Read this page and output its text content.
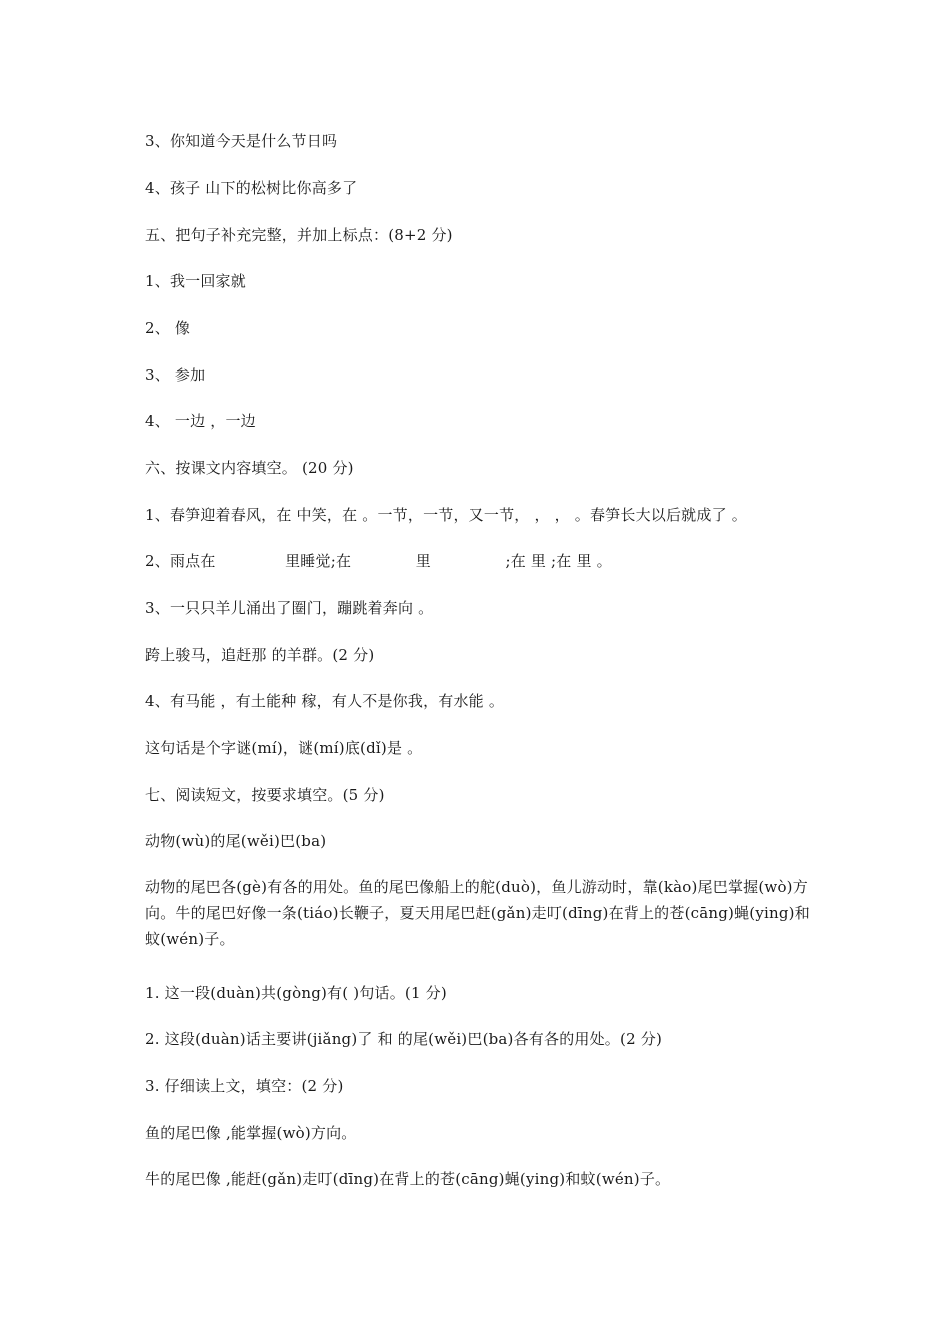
3、你知道今天是什么节日吗
4、孩子 山下的松树比你高多了
五、把句子补充完整，并加上标点：(8+2 分)
1、我一回家就
2、 像
3、 参加
4、 一边 ，一边
六、按课文内容填空。 (20 分)
1、春笋迎着春风，在 中笑，在 。一节，一节，又一节， ， ， 。春笋长大以后就成了 。
2、雨点在              里睡觉;在             里               ;在 里 ;在 里 。
3、一只只羊儿涌出了圈门，蹦跳着奔向 。
跨上骏马，追赶那 的羊群。(2 分)
4、有马能 ，有土能种 稼，有人不是你我，有水能 。
这句话是个字谜(mí)，谜(mí)底(dǐ)是 。
七、阅读短文，按要求填空。(5 分)
动物(wù)的尾(wěi)巴(ba)
动物的尾巴各(gè)有各的用处。鱼的尾巴像船上的舵(duò)，鱼儿游动时，靠(kào)尾巴掌握(wò)方向。牛的尾巴好像一条(tiáo)长鞭子，夏天用尾巴赶(gǎn)走叮(dīng)在背上的苍(cāng)蝇(ying)和蚊(wén)子。
1. 这一段(duàn)共(gòng)有( )句话。(1 分)
2. 这段(duàn)话主要讲(jiǎng)了 和 的尾(wěi)巴(ba)各有各的用处。(2 分)
3. 仔细读上文，填空：(2 分)
鱼的尾巴像 ,能掌握(wò)方向。
牛的尾巴像 ,能赶(gǎn)走叮(dīng)在背上的苍(cāng)蝇(ying)和蚊(wén)子。
